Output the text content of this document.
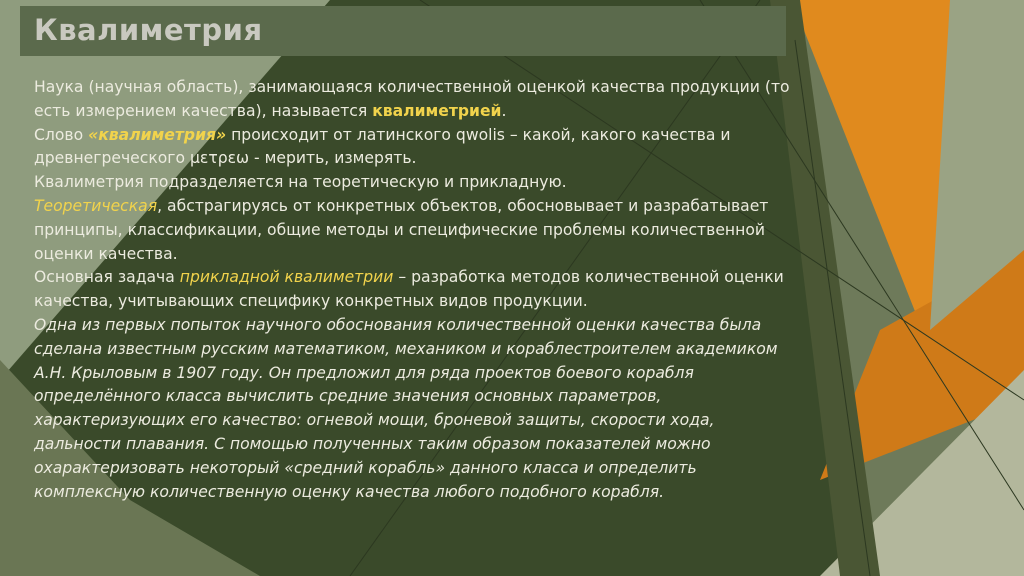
Квалиметрия

Наука (научная область), занимающаяся количественной оценкой качества продукции (то есть измерением качества), называется квалиметрией.

Слово «квалиметрия» происходит от латинского qwolis – какой, какого качества и древнегреческого μετρεω - мерить, измерять.

Квалиметрия подразделяется на теоретическую и прикладную.

Теоретическая, абстрагируясь от конкретных объектов, обосновывает и разрабатывает принципы, классификации, общие методы и специфические проблемы количественной оценки качества.

Основная задача прикладной квалиметрии – разработка методов количественной оценки качества, учитывающих специфику конкретных видов продукции.

Одна из первых попыток научного обоснования количественной оценки качества была сделана известным русским математиком, механиком и кораблестроителем академиком А.Н. Крыловым в 1907 году. Он предложил для ряда проектов боевого корабля определённого класса вычислить средние значения основных параметров, характеризующих его качество: огневой мощи, броневой защиты, скорости хода, дальности плавания. С помощью полученных таким образом показателей можно охарактеризовать некоторый «средний корабль» данного класса и определить комплексную количественную оценку качества любого подобного корабля.
